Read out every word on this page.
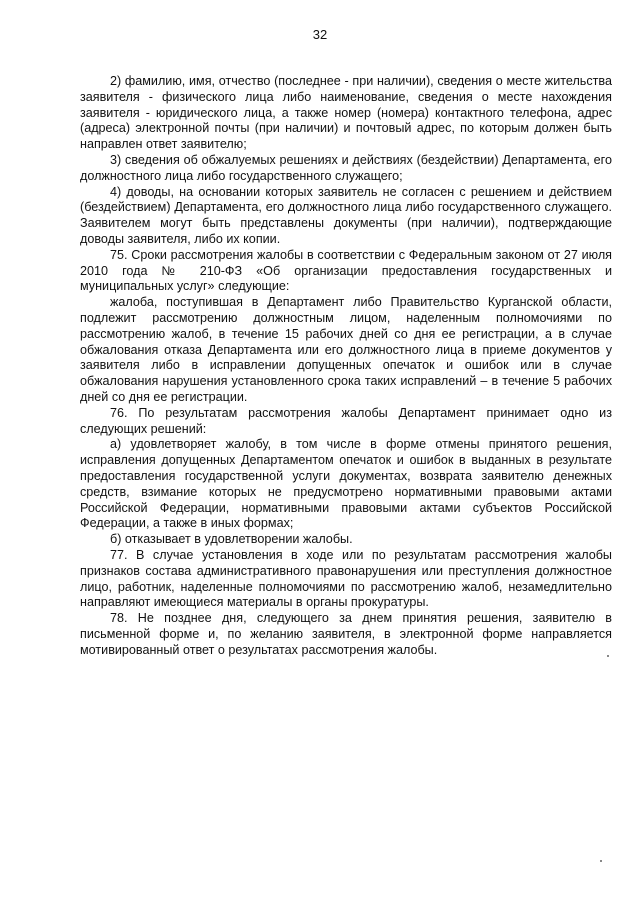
32

2) фамилию, имя, отчество (последнее - при наличии), сведения о месте жительства заявителя - физического лица либо наименование, сведения о месте нахождения заявителя - юридического лица, а также номер (номера) контактного телефона, адрес (адреса) электронной почты (при наличии) и почтовый адрес, по которым должен быть направлен ответ заявителю;

3) сведения об обжалуемых решениях и действиях (бездействии) Департамента, его должностного лица либо государственного служащего;

4) доводы, на основании которых заявитель не согласен с решением и действием (бездействием) Департамента, его должностного лица либо государственного служащего. Заявителем могут быть представлены документы (при наличии), подтверждающие доводы заявителя, либо их копии.

75. Сроки рассмотрения жалобы в соответствии с Федеральным законом от 27 июля 2010 года № 210-ФЗ «Об организации предоставления государственных и муниципальных услуг» следующие:

жалоба, поступившая в Департамент либо Правительство Курганской области, подлежит рассмотрению должностным лицом, наделенным полномочиями по рассмотрению жалоб, в течение 15 рабочих дней со дня ее регистрации, а в случае обжалования отказа Департамента или его должностного лица в приеме документов у заявителя либо в исправлении допущенных опечаток и ошибок или в случае обжалования нарушения установленного срока таких исправлений – в течение 5 рабочих дней со дня ее регистрации.

76. По результатам рассмотрения жалобы Департамент принимает одно из следующих решений:

а) удовлетворяет жалобу, в том числе в форме отмены принятого решения, исправления допущенных Департаментом опечаток и ошибок в выданных в результате предоставления государственной услуги документах, возврата заявителю денежных средств, взимание которых не предусмотрено нормативными правовыми актами Российской Федерации, нормативными правовыми актами субъектов Российской Федерации, а также в иных формах;

б) отказывает в удовлетворении жалобы.

77. В случае установления в ходе или по результатам рассмотрения жалобы признаков состава административного правонарушения или преступления должностное лицо, работник, наделенные полномочиями по рассмотрению жалоб, незамедлительно направляют имеющиеся материалы в органы прокуратуры.

78. Не позднее дня, следующего за днем принятия решения, заявителю в письменной форме и, по желанию заявителя, в электронной форме направляется мотивированный ответ о результатах рассмотрения жалобы.
